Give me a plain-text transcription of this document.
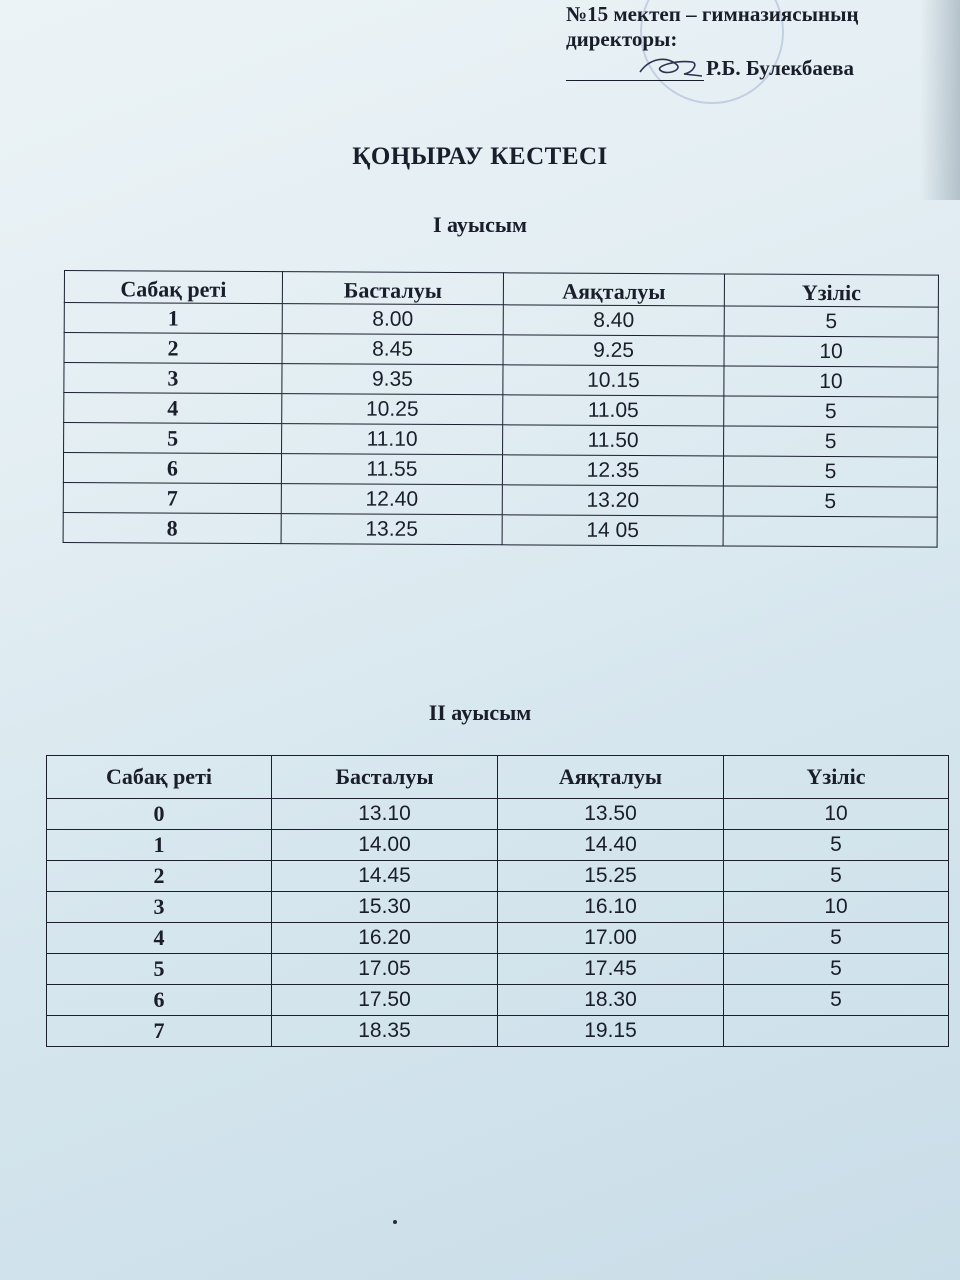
№15 мектеп – гимназиясының
директоры:
Р.Б. Булекбаева
ҚОҢЫРАУ КЕСТЕСІ
I ауысым
Сабақ реті	Басталуы	Аяқталуы	Үзіліс
1	8.00	8.40	5
2	8.45	9.25	10
3	9.35	10.15	10
4	10.25	11.05	5
5	11.10	11.50	5
6	11.55	12.35	5
7	12.40	13.20	5
8	13.25	14 05	
II ауысым
Сабақ реті	Басталуы	Аяқталуы	Үзіліс
0	13.10	13.50	10
1	14.00	14.40	5
2	14.45	15.25	5
3	15.30	16.10	10
4	16.20	17.00	5
5	17.05	17.45	5
6	17.50	18.30	5
7	18.35	19.15	
